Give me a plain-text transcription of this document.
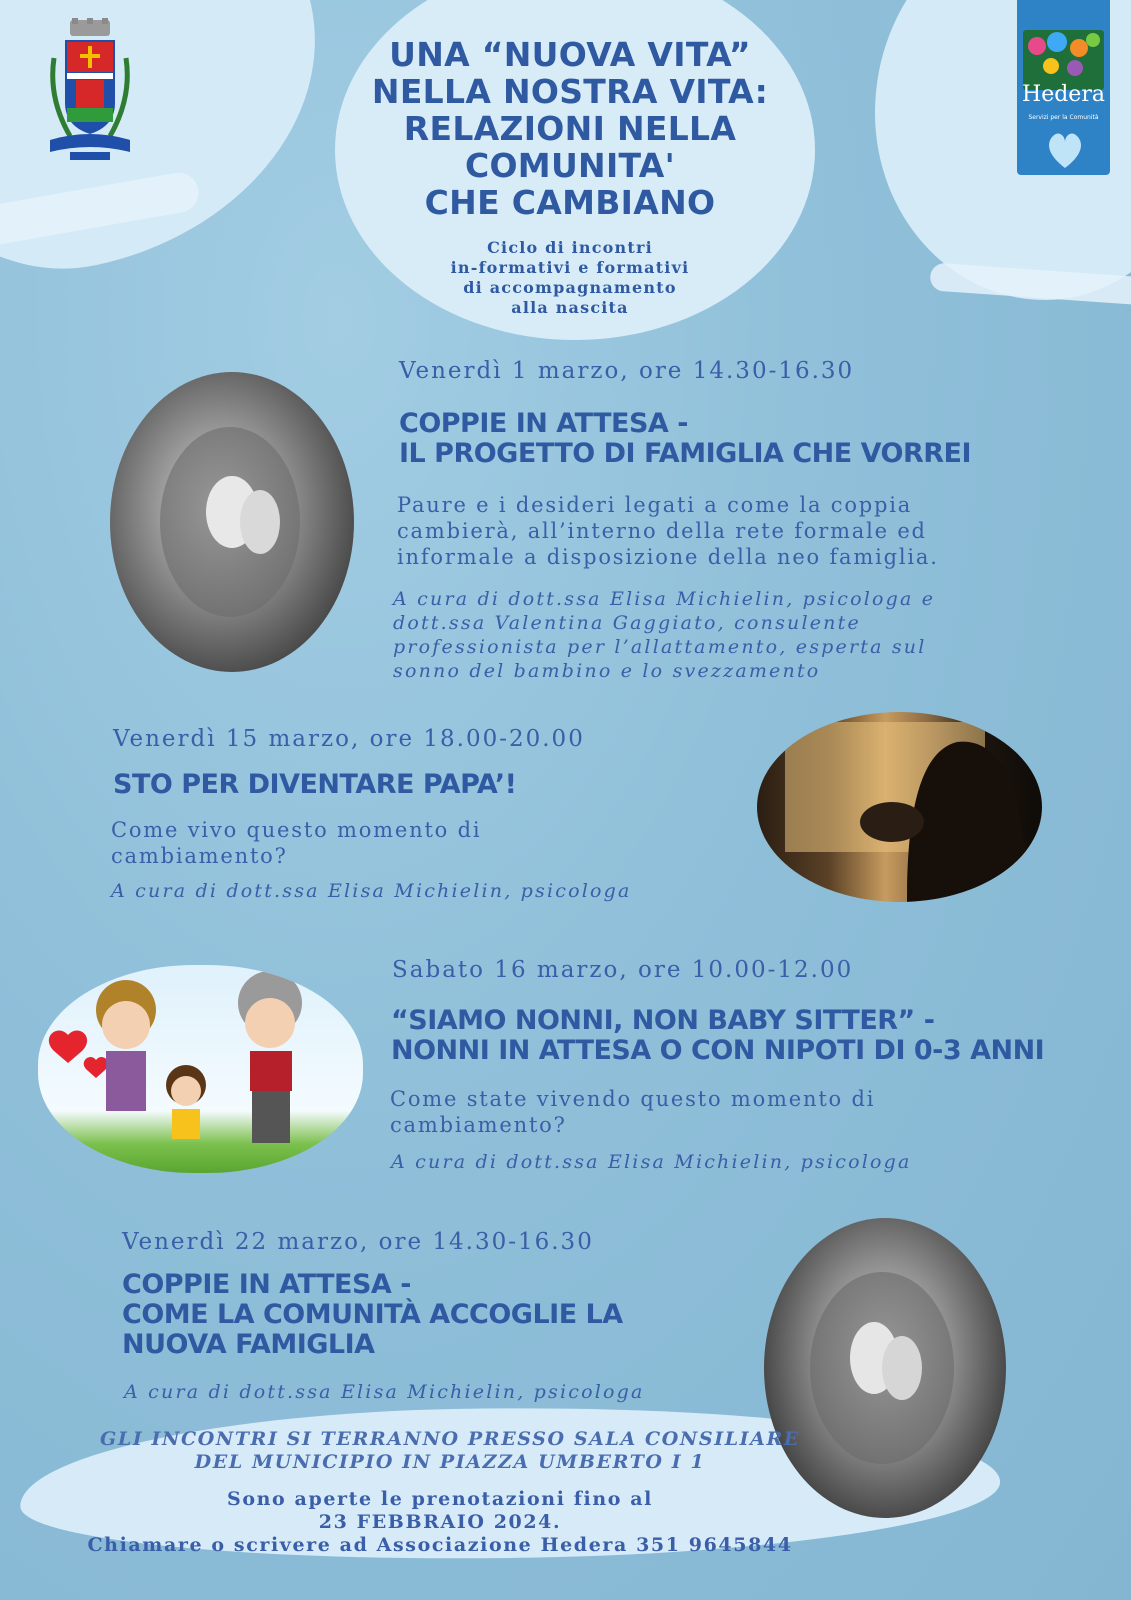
Hedera
Servizi per la Comunità
UNA “NUOVA VITA”
NELLA NOSTRA VITA:
RELAZIONI NELLA
COMUNITA'
CHE CAMBIANO
Ciclo di incontri
in-formativi e formativi
di accompagnamento
alla nascita
Venerdì 1 marzo, ore 14.30-16.30
COPPIE IN ATTESA -
IL PROGETTO DI FAMIGLIA CHE VORREI
Paure e i desideri legati a come la coppia
cambierà, all’interno della rete formale ed
informale a disposizione della neo famiglia.
A cura di dott.ssa Elisa Michielin, psicologa e
dott.ssa Valentina Gaggiato, consulente
professionista per l’allattamento, esperta sul
sonno del bambino e lo svezzamento
Venerdì 15 marzo, ore 18.00-20.00
STO PER DIVENTARE PAPA’!
Come vivo questo momento di
cambiamento?
A cura di dott.ssa Elisa Michielin, psicologa
Sabato 16 marzo, ore 10.00-12.00
“SIAMO NONNI, NON BABY SITTER” -
NONNI IN ATTESA O CON NIPOTI DI 0-3 ANNI
Come state vivendo questo momento di
cambiamento?
A cura di dott.ssa Elisa Michielin, psicologa
Venerdì 22 marzo, ore 14.30-16.30
COPPIE IN ATTESA -
COME LA COMUNITÀ ACCOGLIE LA
NUOVA FAMIGLIA
A cura di dott.ssa Elisa Michielin, psicologa
GLI INCONTRI SI TERRANNO PRESSO SALA CONSILIARE
DEL MUNICIPIO IN PIAZZA UMBERTO I 1
Sono aperte le prenotazioni fino al
23 FEBBRAIO 2024.
Chiamare o scrivere ad Associazione Hedera 351 9645844
